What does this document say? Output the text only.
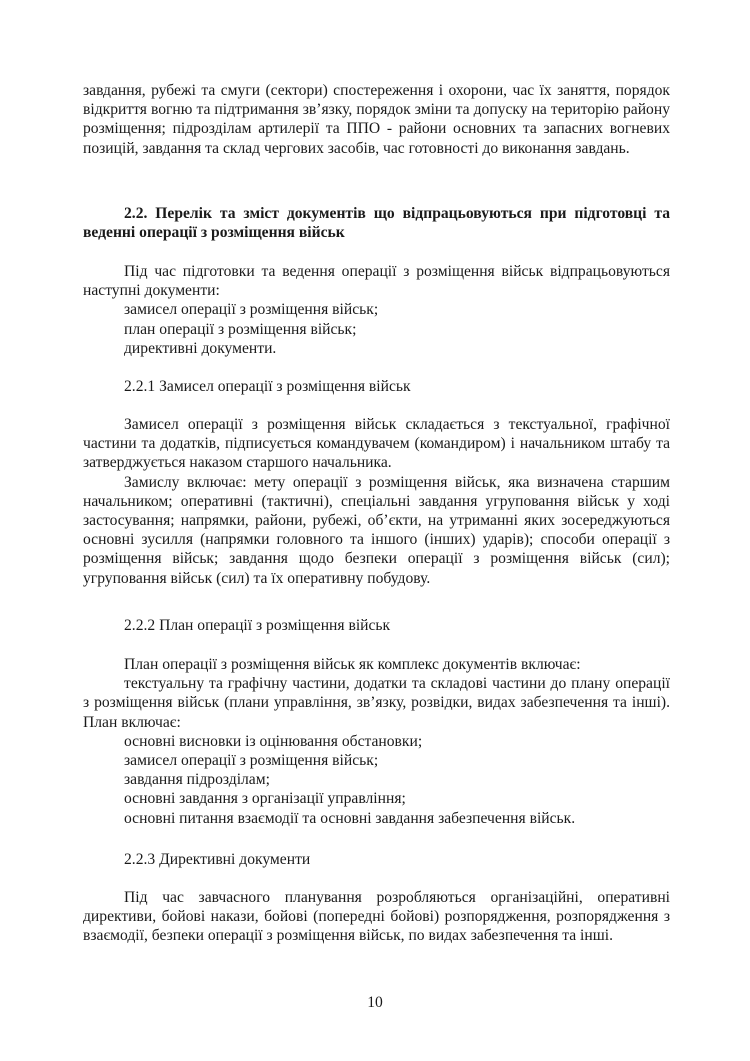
завдання, рубежі та смуги (сектори) спостереження і охорони, час їх заняття, порядок відкриття вогню та підтримання зв’язку, порядок зміни та допуску на територію району розміщення; підрозділам артилерії та ППО - райони основних та запасних вогневих позицій, завдання та склад чергових засобів, час готовності до виконання завдань.

2.2. Перелік та зміст документів що відпрацьовуються при підготовці та веденні операції з розміщення військ

Під час підготовки та ведення операції з розміщення військ відпрацьовуються наступні документи:

замисел операції з розміщення військ;

план операції з розміщення військ;

директивні документи.

2.2.1 Замисел операції з розміщення військ

Замисел операції з розміщення військ складається з текстуальної, графічної частини та додатків, підписується командувачем (командиром) і начальником штабу та затверджується наказом старшого начальника.

Замислу включає: мету операції з розміщення військ, яка визначена старшим начальником; оперативні (тактичні), спеціальні завдання угруповання військ у ході застосування; напрямки, райони, рубежі, об’єкти, на утриманні яких зосереджуються основні зусилля (напрямки головного та іншого (інших) ударів); способи операції з розміщення військ; завдання щодо безпеки операції з розміщення військ (сил); угруповання військ (сил) та їх оперативну побудову.

2.2.2 План операції з розміщення військ

План операції з розміщення військ як комплекс документів включає:

текстуальну та графічну частини, додатки та складові частини до плану операції з розміщення військ (плани управління, зв’язку, розвідки, видах забезпечення та інші). План включає:

основні висновки із оцінювання обстановки;

замисел операції з розміщення військ;

завдання підрозділам;

основні завдання з організації управління;

основні питання взаємодії та основні завдання забезпечення військ.

2.2.3 Директивні документи

Під час завчасного планування розробляються організаційні, оперативні директиви, бойові накази, бойові (попередні бойові) розпорядження, розпорядження з взаємодії, безпеки операції з розміщення військ, по видах забезпечення та інші.

10
